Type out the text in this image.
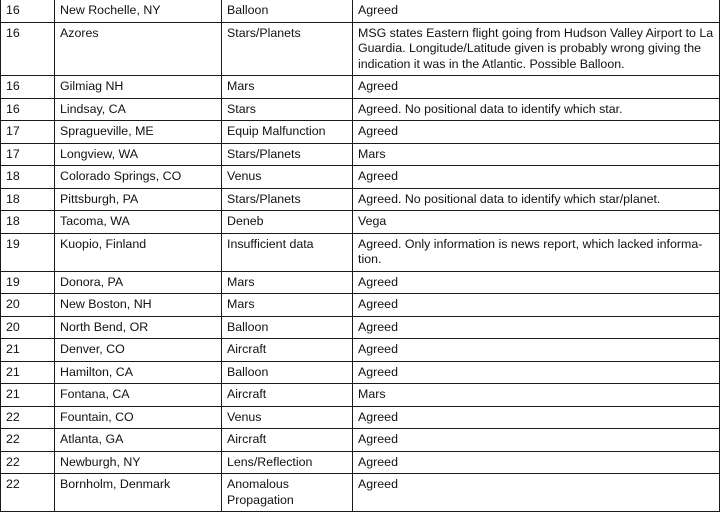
16	New Rochelle, NY	Balloon	Agreed
16	Azores	Stars/Planets	MSG states Eastern flight going from Hudson Valley Airport to La Guardia. Longitude/Latitude given is probably wrong giving the indication it was in the Atlantic. Possible Balloon.
16	Gilmiag NH	Mars	Agreed
16	Lindsay, CA	Stars	Agreed. No positional data to identify which star.
17	Spragueville, ME	Equip Malfunction	Agreed
17	Longview, WA	Stars/Planets	Mars
18	Colorado Springs, CO	Venus	Agreed
18	Pittsburgh, PA	Stars/Planets	Agreed. No positional data to identify which star/planet.
18	Tacoma, WA	Deneb	Vega
19	Kuopio, Finland	Insufficient data	Agreed. Only information is news report, which lacked informa-tion.
19	Donora, PA	Mars	Agreed
20	New Boston, NH	Mars	Agreed
20	North Bend, OR	Balloon	Agreed
21	Denver, CO	Aircraft	Agreed
21	Hamilton, CA	Balloon	Agreed
21	Fontana, CA	Aircraft	Mars
22	Fountain, CO	Venus	Agreed
22	Atlanta, GA	Aircraft	Agreed
22	Newburgh, NY	Lens/Reflection	Agreed
22	Bornholm, Denmark	Anomalous Propagation	Agreed
